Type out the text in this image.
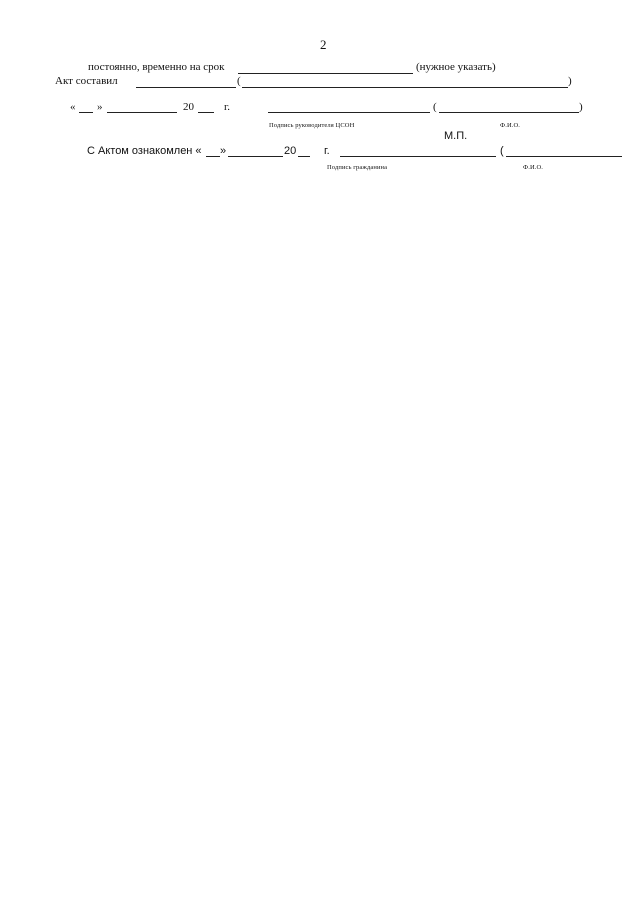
2
постоянно, временно на срок	(нужное указать)
Акт составил	(	)
« »	20	г.	(	)
Подпись руководителя ЦСОН	Ф.И.О.
М.П.
С Актом ознакомлен « »	20	г.	(
Подпись гражданина	Ф.И.О.
